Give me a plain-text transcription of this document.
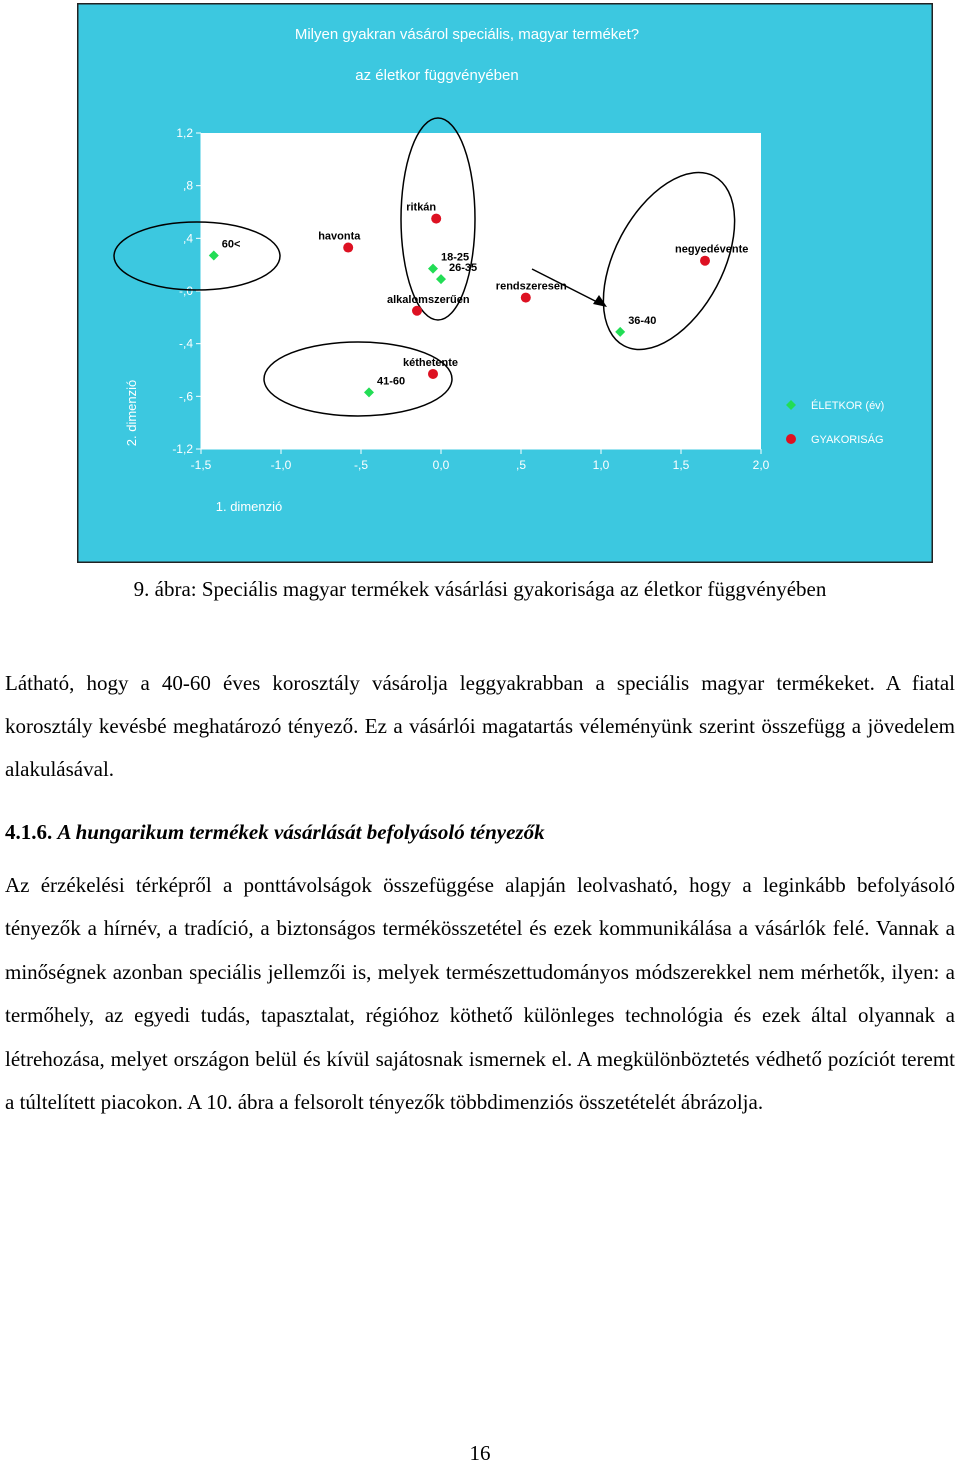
Milyen gyakran vásárol speciális, magyar terméket?
az életkor függvényében
-1,5	-1,0	-,5	0,0	,5	1,0	1,5	2,0
1,2
,8
,4
-,0
-,4
-,6
-1,2
1. dimenzió
2. dimenzió
60<
18-25
26-35
41-60
36-40
havonta
ritkán
rendszeresen
alkalomszerűen
negyedévente
kéthetente
ÉLETKOR (év)
GYAKORISÁG
9. ábra: Speciális magyar termékek vásárlási gyakorisága az életkor függvényében

Látható, hogy a 40-60 éves korosztály vásárolja leggyakrabban a speciális magyar termékeket. A fiatal korosztály kevésbé meghatározó tényező. Ez a vásárlói magatartás véleményünk szerint összefügg a jövedelem alakulásával.

4.1.6. A hungarikum termékek vásárlását befolyásoló tényezők

Az érzékelési térképről a ponttávolságok összefüggése alapján leolvasható, hogy a leginkább befolyásoló tényezők a hírnév, a tradíció, a biztonságos termékösszetétel és ezek kommunikálása a vásárlók felé. Vannak a minőségnek azonban speciális jellemzői is, melyek természettudományos módszerekkel nem mérhetők, ilyen: a termőhely, az egyedi tudás, tapasztalat, régióhoz köthető különleges technológia és ezek által olyannak a létrehozása, melyet országon belül és kívül sajátosnak ismernek el. A megkülönböztetés védhető pozíciót teremt a túltelített piacokon. A 10. ábra a felsorolt tényezők többdimenziós összetételét ábrázolja.

16
